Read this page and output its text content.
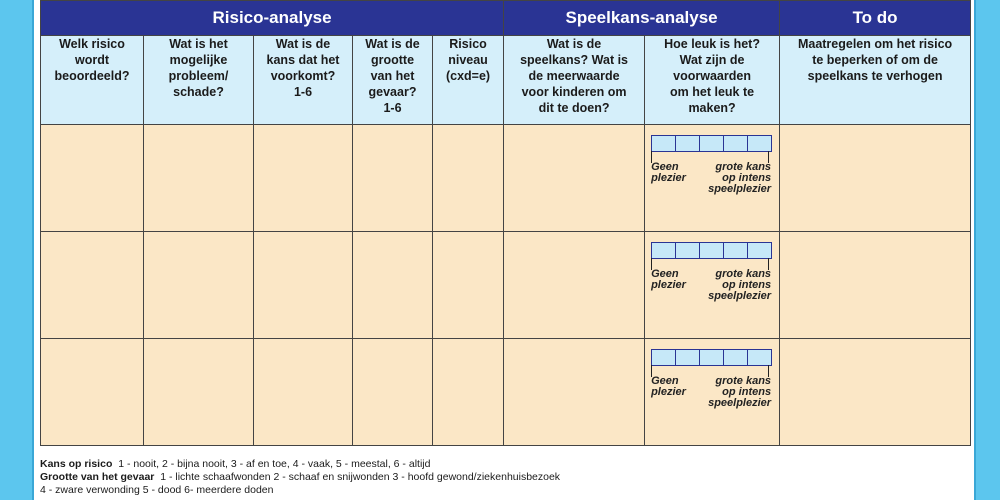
Risico-analyse					Speelkans-analyse		To do
Welk risico
wordt
beoordeeld?	Wat is het
mogelijke
probleem/
schade?	Wat is de
kans dat het
voorkomt?
1-6	Wat is de
grootte
van het
gevaar?
1-6	Risico
niveau
(cxd=e)	Wat is de
speelkans? Wat is
de meerwaarde
voor kinderen om
dit te doen?	Hoe leuk is het?
Wat zijn de
voorwaarden
om het leuk te
maken?	Maatregelen om het risico
te beperken of om de
speelkans te verhogen

						Geen
plezier
grote kans
op intens
speelplezier	

						Geen
plezier
grote kans
op intens
speelplezier	

						Geen
plezier
grote kans
op intens
speelplezier	

Kans op risico 1 - nooit, 2 - bijna nooit, 3 - af en toe, 4 - vaak, 5 - meestal, 6 - altijd
Grootte van het gevaar 1 - lichte schaafwonden 2 - schaaf en snijwonden 3 - hoofd gewond/ziekenhuisbezoek
4 - zware verwonding 5 - dood 6- meerdere doden
